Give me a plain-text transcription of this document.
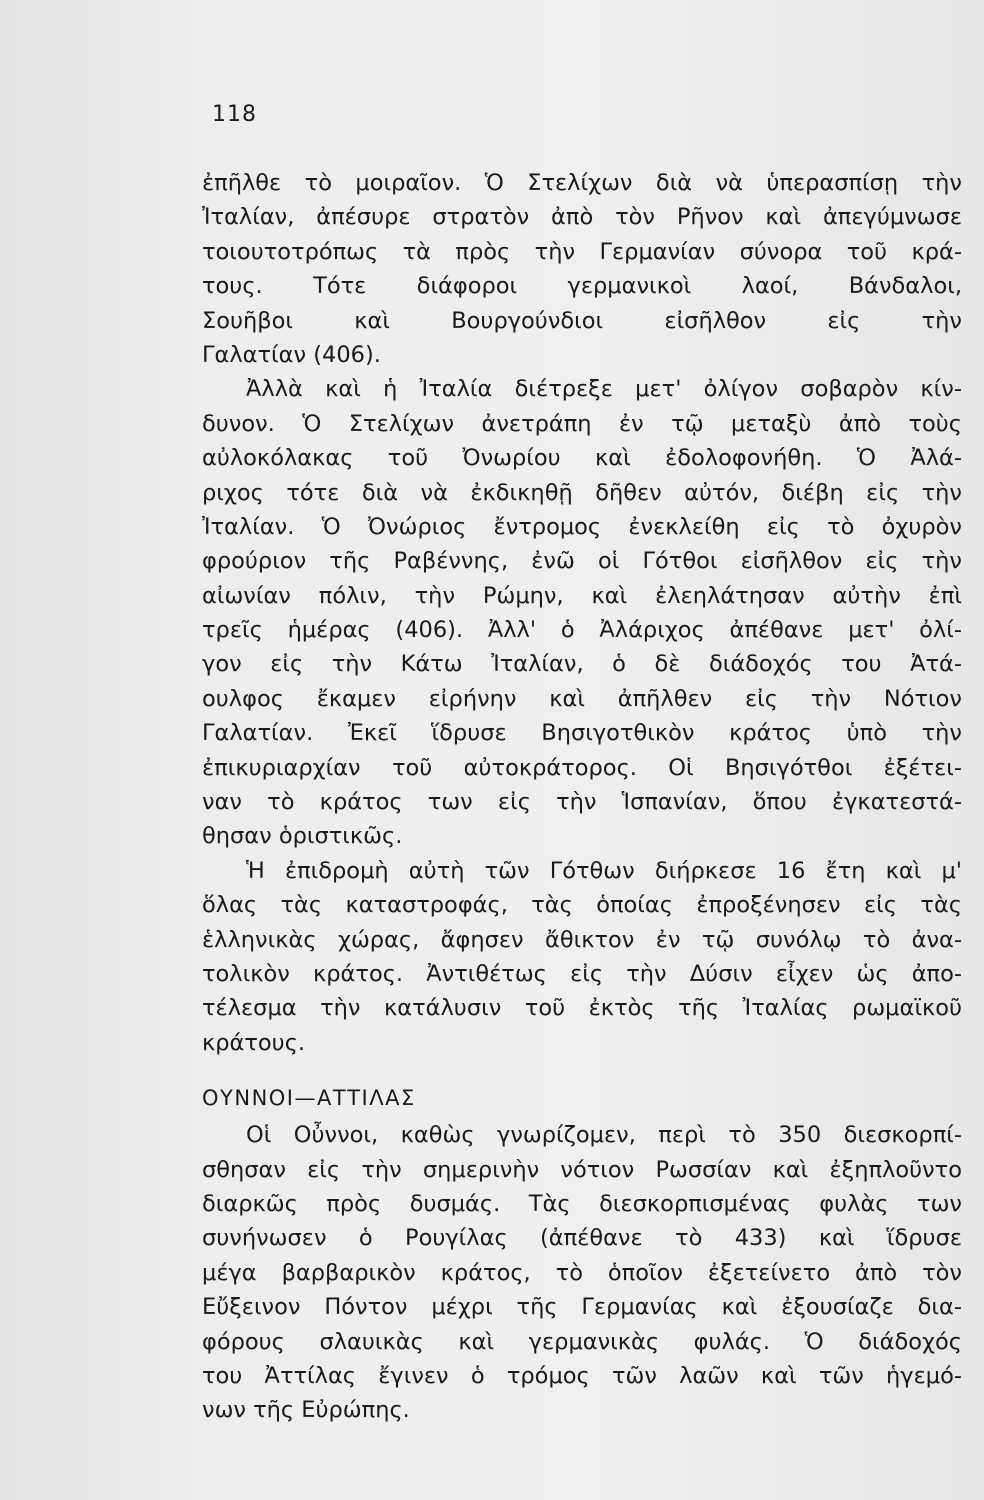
118
ἐπῆλθε τὸ μοιραῖον. Ὁ Στελίχων διὰ νὰ ὑπερασπίσῃ τὴν
Ἰταλίαν, ἀπέσυρε στρατὸν ἀπὸ τὸν Ρῆνον καὶ ἀπεγύμνωσε
τοιουτοτρόπως τὰ πρὸς τὴν Γερμανίαν σύνορα τοῦ κρά-
τους. Τότε διάφοροι γερμανικοὶ λαοί, Βάνδαλοι,
Σουῆβοι καὶ Βουργούνδιοι εἰσῆλθον εἰς τὴν
Γαλατίαν (406).
Ἀλλὰ καὶ ἡ Ἰταλία διέτρεξε μετ' ὀλίγον σοβαρὸν κίν-
δυνον. Ὁ Στελίχων ἀνετράπη ἐν τῷ μεταξὺ ἀπὸ τοὺς
αὐλοκόλακας τοῦ Ὀνωρίου καὶ ἐδολοφονήθη. Ὁ Ἀλά-
ριχος τότε διὰ νὰ ἐκδικηθῇ δῆθεν αὐτόν, διέβη εἰς τὴν
Ἰταλίαν. Ὁ Ὀνώριος ἔντρομος ἐνεκλείθη εἰς τὸ ὀχυρὸν
φρούριον τῆς Ραβέννης, ἐνῶ οἱ Γότθοι εἰσῆλθον εἰς τὴν
αἰωνίαν πόλιν, τὴν Ρώμην, καὶ ἐλεηλάτησαν αὐτὴν ἐπὶ
τρεῖς ἡμέρας (406). Ἀλλ' ὁ Ἀλάριχος ἀπέθανε μετ' ὀλί-
γον εἰς τὴν Κάτω Ἰταλίαν, ὁ δὲ διάδοχός του Ἀτά-
ουλφος ἔκαμεν εἰρήνην καὶ ἀπῆλθεν εἰς τὴν Νότιον
Γαλατίαν. Ἐκεῖ ἵδρυσε Βησιγοτθικὸν κράτος ὑπὸ τὴν
ἐπικυριαρχίαν τοῦ αὐτοκράτορος. Οἱ Βησιγότθοι ἐξέτει-
ναν τὸ κράτος των εἰς τὴν Ἱσπανίαν, ὅπου ἐγκατεστά-
θησαν ὁριστικῶς.
Ἡ ἐπιδρομὴ αὐτὴ τῶν Γότθων διήρκεσε 16 ἔτη καὶ μ'
ὅλας τὰς καταστροφάς, τὰς ὁποίας ἐπροξένησεν εἰς τὰς
ἑλληνικὰς χώρας, ἄφησεν ἄθικτον ἐν τῷ συνόλῳ τὸ ἀνα-
τολικὸν κράτος. Ἀντιθέτως εἰς τὴν Δύσιν εἶχεν ὡς ἀπο-
τέλεσμα τὴν κατάλυσιν τοῦ ἐκτὸς τῆς Ἰταλίας ρωμαϊκοῦ
κράτους.
ΟΥΝΝΟΙ—ΑΤΤΙΛΑΣ
Οἱ Οὖννοι, καθὼς γνωρίζομεν, περὶ τὸ 350 διεσκορπί-
σθησαν εἰς τὴν σημερινὴν νότιον Ρωσσίαν καὶ ἐξηπλοῦντο
διαρκῶς πρὸς δυσμάς. Τὰς διεσκορπισμένας φυλὰς των
συνήνωσεν ὁ Ρουγίλας (ἀπέθανε τὸ 433) καὶ ἵδρυσε
μέγα βαρβαρικὸν κράτος, τὸ ὁποῖον ἐξετείνετο ἀπὸ τὸν
Εὔξεινον Πόντον μέχρι τῆς Γερμανίας καὶ ἐξουσίαζε δια-
φόρους σλαυικὰς καὶ γερμανικὰς φυλάς. Ὁ διάδοχός
του Ἀττίλας ἔγινεν ὁ τρόμος τῶν λαῶν καὶ τῶν ἡγεμό-
νων τῆς Εὐρώπης.
